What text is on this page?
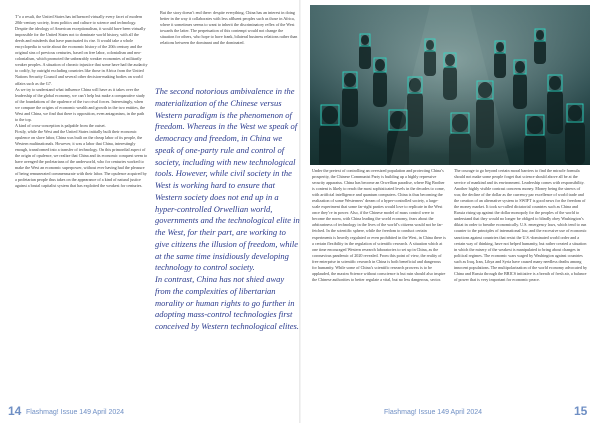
T’o a result, the United States has influenced virtually every facet of modern 20th-century society, from politics and culture to science and technology. Despite the ideology of American exceptionalism, it would have been virtually impossible for the United States not to dominate world history, with all the deeds and misdeeds that have punctuated its rise. It would take a whole encyclopedia to write about the economic history of the 20th century and the original sins of previous centuries, based on free labor, colonialism and neo-colonialism, which promoted the unbearably weaker economies of militarily weaker peoples. A situation of chronic injustice that some have had the audacity to codify, by outright excluding countries like those in Africa from the United Nations Security Council and several other decision-making bodies on world affairs such as the G7.

As we try to understand what influence China will have as it takes over the leadership of the global economy, we can’t help but make a comparative study of the foundations of the opulence of the two rival forces. Interestingly, when we compare the origins of economic wealth and growth in the two entities, the West and China, we find that there is opposition, even antagonism, in the path to the top.

A kind of cross-conception is palpable from the outset.

Firstly, while the West and the United States initially built their economic opulence on slave labor, China was built on the cheap labor of its people, the Western multinationals. However, it was a labor that China, interestingly enough, transformed into a transfer of technology. On this primordial aspect of the origin of opulence, we realize that China and its economic conquest seem to have avenged the proletarians of the underworld, who for centuries worked to make the West an economic superpower, without ever having had the pleasure of being remunerated commensurate with their labor. The opulence acquired by a proletarian people thus takes on the appearance of a kind of natural justice against a brutal capitalist system that has exploited the weakest for centuries.

But the story doesn’t end there: despite everything, China has an interest in doing better in the way it collaborates with less affluent peoples such as those in Africa, where it sometimes seems to want to inherit the discriminatory reflex of the West towards the latter. The perpetuation of this contempt would not change the situation for others, who hope to have frank, bilateral business relations rather than relations between the dominant and the dominated.

The second notorious ambivalence in the materialization of the Chinese versus Western paradigm is the phenomenon of freedom. Whereas in the West we speak of democracy and freedom, in China we speak of one-party rule and control of society, including with new technological tools. However, while civil society in the West is working hard to ensure that Western society does not end up in a hyper-controlled Orwellian world, governments and the technological elite in the West, for their part, are working to give citizens the illusion of freedom, while at the same time insidiously developing technology to control society.

In contrast, China has not shied away from the complexities of libertarian morality or human rights to go further in adopting mass-control technologies first conceived by Western technological elites.

Under the pretext of controlling an oversized population and protecting China’s prosperity, the Chinese Communist Party is building up a highly repressive security apparatus. China has become an Orwellian paradise, where Big Brother is content is likely to reach the most sophisticated levels in the decades to come, with artificial intelligence and quantum computers. China is thus becoming the realization of some Westerners’ dream of a hyper-controlled society, a large-scale experiment that some far-right parties would love to replicate in the West once they’re in power. Also, if the Chinese model of mass control were to become the norm, with China leading the world economy, fears about the arbitrariness of technology in the lives of the world’s citizens would not be far-fetched. In the scientific sphere, while the freedom to conduct certain experiments is heavily regulated or even prohibited in the West, in China there is a certain flexibility in the regulation of scientific research. A situation which at one time encouraged Western research laboratories to set up in China, as the coronavirus pandemic of 2020 revealed. From this point of view, the reality of free enterprise in scientific research in China is both beneficial and dangerous for humanity. While some of China’s scientific research prowess is to be applauded, the maxim Science without conscience is but ruin should also inspire the Chinese authorities to better regulate a vital, but no less dangerous, sector.

The courage to go beyond certain moral barriers to find the miracle formula should not make some people forget that science should above all be at the service of mankind and its environment. Leadership comes with responsibility. Another highly visible contrast concerns money. Money being the sinews of war, the decline of the dollar as the currency par excellence of world trade and the creation of an alternative system to SWIFT is good news for the freedom of the money market. It took so-called dictatorial countries such as China and Russia rising up against the dollar monopoly for the peoples of the world to understand that they would no longer be obliged to blindly obey Washington’s diktat in order to breathe economically. U.S. emergency laws, which tend to run counter to the principles of international law, and the excessive use of economic sanctions against countries that resist the U.S.-dominated world order and a certain way of thinking, have not helped humanity, but rather created a situation in which the misery of the weakest is manipulated to bring about changes in political regimes. The economic wars waged by Washington against countries such as Iraq, Iran, Libya and Syria have caused many needless deaths among innocent populations. The multipolarization of the world economy advocated by China and Russia through the BRICS initiative is a breath of fresh air, a balance of power that is very important for economic peace.

14 Flashmag! Issue 149 April 2024	Flashmag! Issue 149 April 2024	15
